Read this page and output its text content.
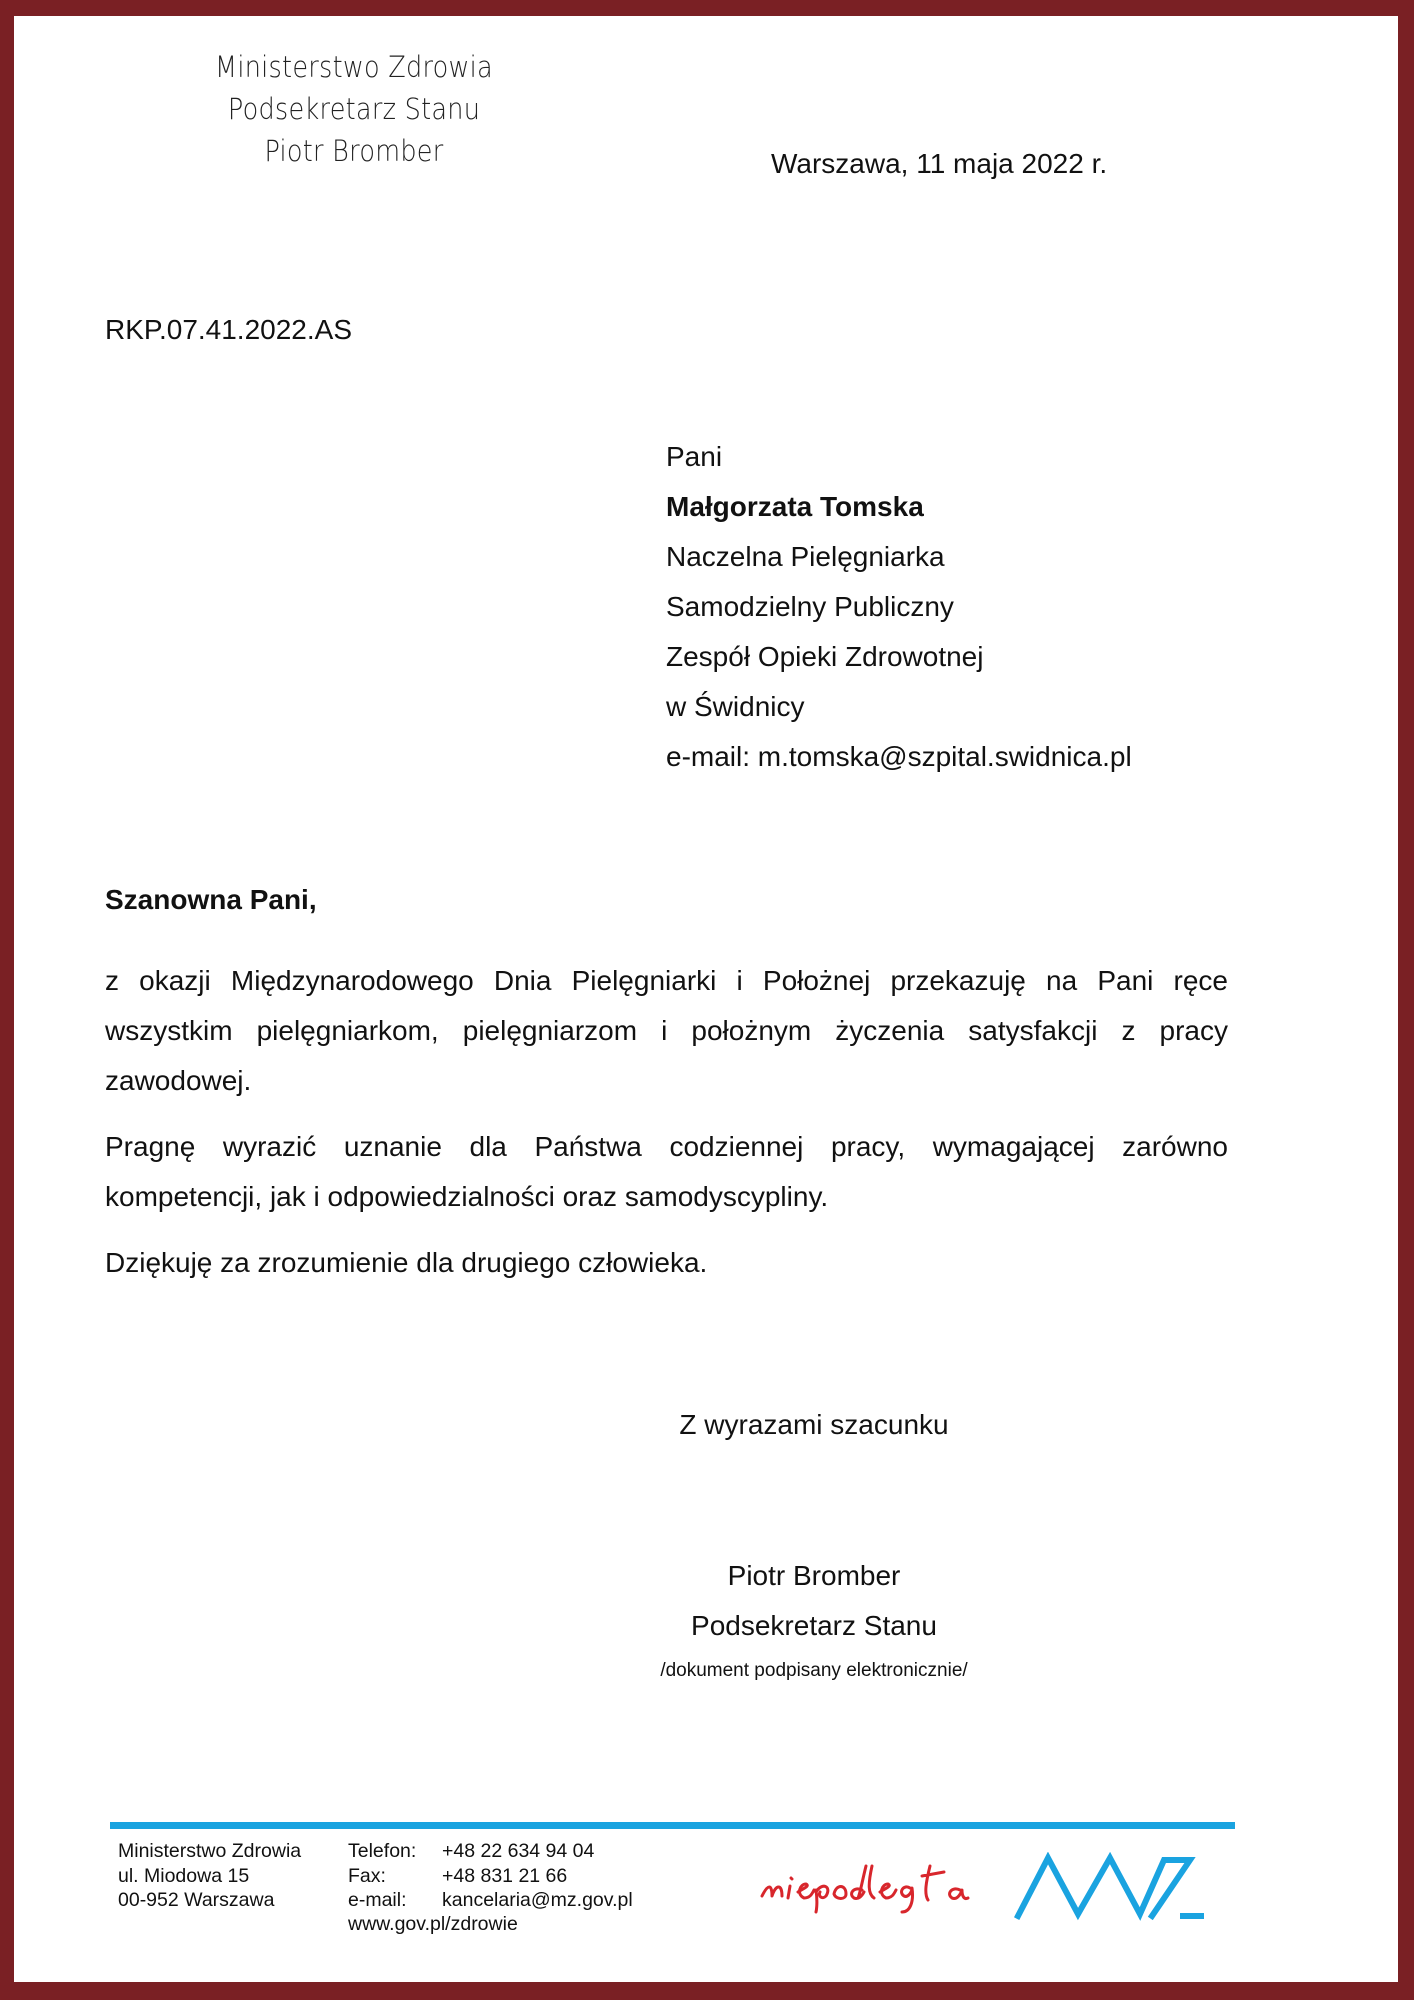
Ministerstwo Zdrowia
Podsekretarz Stanu
Piotr Bromber	Warszawa, 11 maja 2022 r.
RKP.07.41.2022.AS
Pani
Małgorzata Tomska
Naczelna Pielęgniarka
Samodzielny Publiczny
Zespół Opieki Zdrowotnej
w Świdnicy
e-mail: m.tomska@szpital.swidnica.pl
Szanowna Pani,

z okazji Międzynarodowego Dnia Pielęgniarki i Położnej przekazuję na Pani ręce wszystkim pielęgniarkom, pielęgniarzom i położnym życzenia satysfakcji z pracy zawodowej.

Pragnę wyrazić uznanie dla Państwa codziennej pracy, wymagającej zarówno kompetencji, jak i odpowiedzialności oraz samodyscypliny.

Dziękuję za zrozumienie dla drugiego człowieka.

Z wyrazami szacunku
Piotr Bromber
Podsekretarz Stanu
/dokument podpisany elektronicznie/
Ministerstwo Zdrowia
ul. Miodowa 15
00-952 Warszawa
Telefon:
Fax:
e-mail:
+48 22 634 94 04
+48 831 21 66
kancelaria@mz.gov.pl
www.gov.pl/zdrowie
